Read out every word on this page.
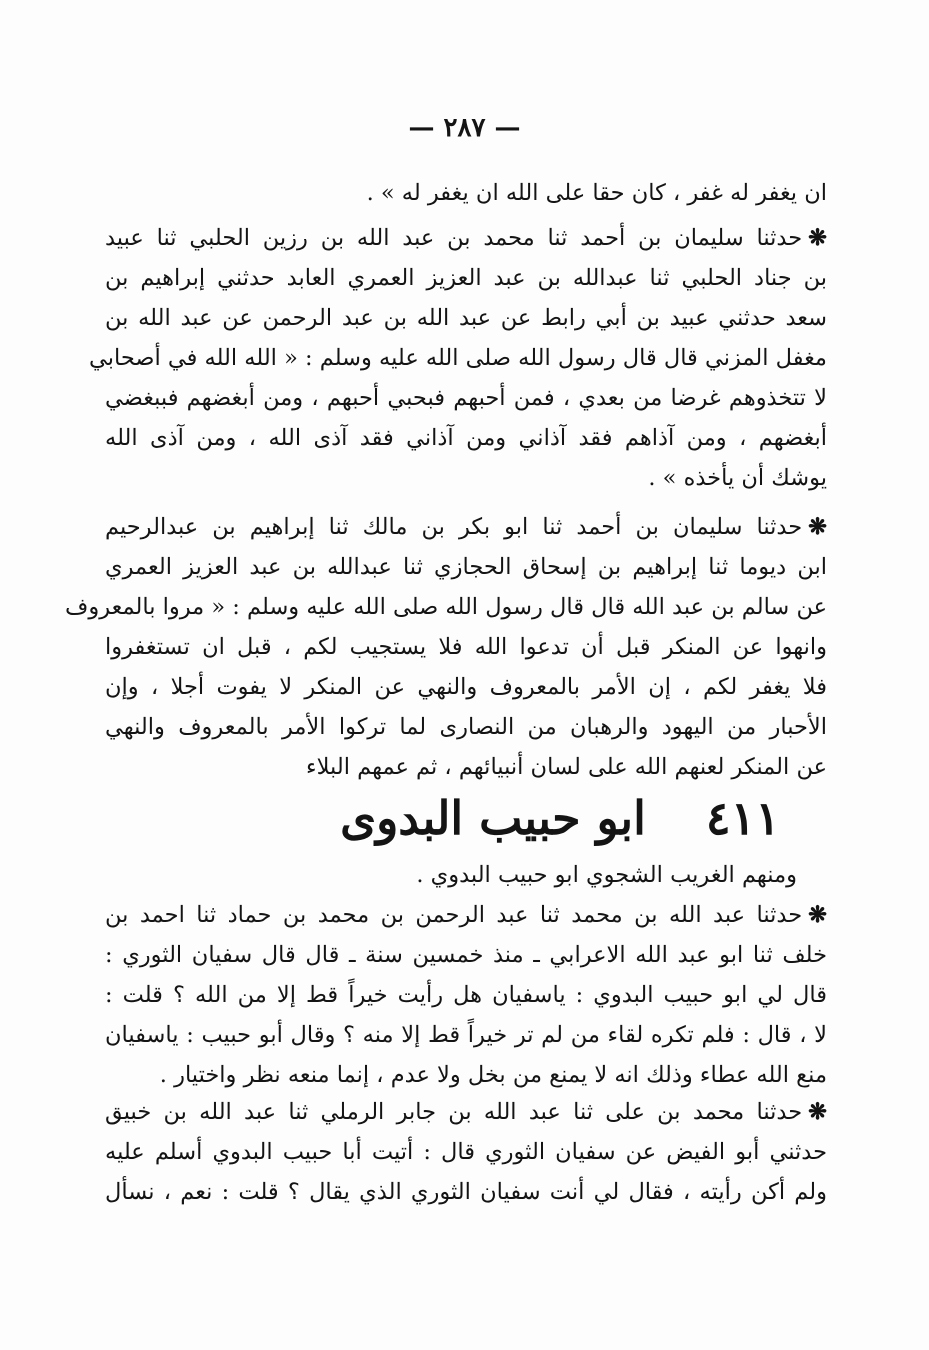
— ٢٨٧ —
ان يغفر له غفر ، كان حقا على الله ان يغفر له » .
❋حدثنا سليمان بن أحمد ثنا محمد بن عبد الله بن رزين الحلبي ثنا عبيد
بن جناد الحلبي ثنا عبدالله بن عبد العزيز العمري العابد حدثني إبراهيم بن
سعد حدثني عبيد بن أبي رابط عن عبد الله بن عبد الرحمن عن عبد الله بن
مغفل المزني قال قال رسول الله صلى الله عليه وسلم : « الله الله في أصحابي
لا تتخذوهم غرضا من بعدي ، فمن أحبهم فبحبي أحبهم ، ومن أبغضهم فببغضي
أبغضهم ، ومن آذاهم فقد آذاني ومن آذاني فقد آذى الله ، ومن آذى الله
يوشك أن يأخذه » .
❋حدثنا سليمان بن أحمد ثنا ابو بكر بن مالك ثنا إبراهيم بن عبدالرحيم
ابن ديوما ثنا إبراهيم بن إسحاق الحجازي ثنا عبدالله بن عبد العزيز العمري
عن سالم بن عبد الله قال قال رسول الله صلى الله عليه وسلم : « مروا بالمعروف
وانهوا عن المنكر قبل أن تدعوا الله فلا يستجيب لكم ، قبل ان تستغفروا
فلا يغفر لكم ، إن الأمر بالمعروف والنهي عن المنكر لا يفوت أجلا ، وإن
الأحبار من اليهود والرهبان من النصارى لما تركوا الأمر بالمعروف والنهي
عن المنكر لعنهم الله على لسان أنبيائهم ، ثم عمهم البلاء
٤١١ابو حبيب البدوى
ومنهم الغريب الشجوي ابو حبيب البدوي .
❋حدثنا عبد الله بن محمد ثنا عبد الرحمن بن محمد بن حماد ثنا احمد بن
خلف ثنا ابو عبد الله الاعرابي ـ منذ خمسين سنة ـ قال قال سفيان الثوري :
قال لي ابو حبيب البدوي : ياسفيان هل رأيت خيراً قط إلا من الله ؟ قلت :
لا ، قال : فلم تكره لقاء من لم تر خيراً قط إلا منه ؟ وقال أبو حبيب : ياسفيان
منع الله عطاء وذلك انه لا يمنع من بخل ولا عدم ، إنما منعه نظر واختيار .
❋حدثنا محمد بن على ثنا عبد الله بن جابر الرملي ثنا عبد الله بن خبيق
حدثني أبو الفيض عن سفيان الثوري قال : أتيت أبا حبيب البدوي أسلم عليه
ولم أكن رأيته ، فقال لي أنت سفيان الثوري الذي يقال ؟ قلت : نعم ، نسأل
